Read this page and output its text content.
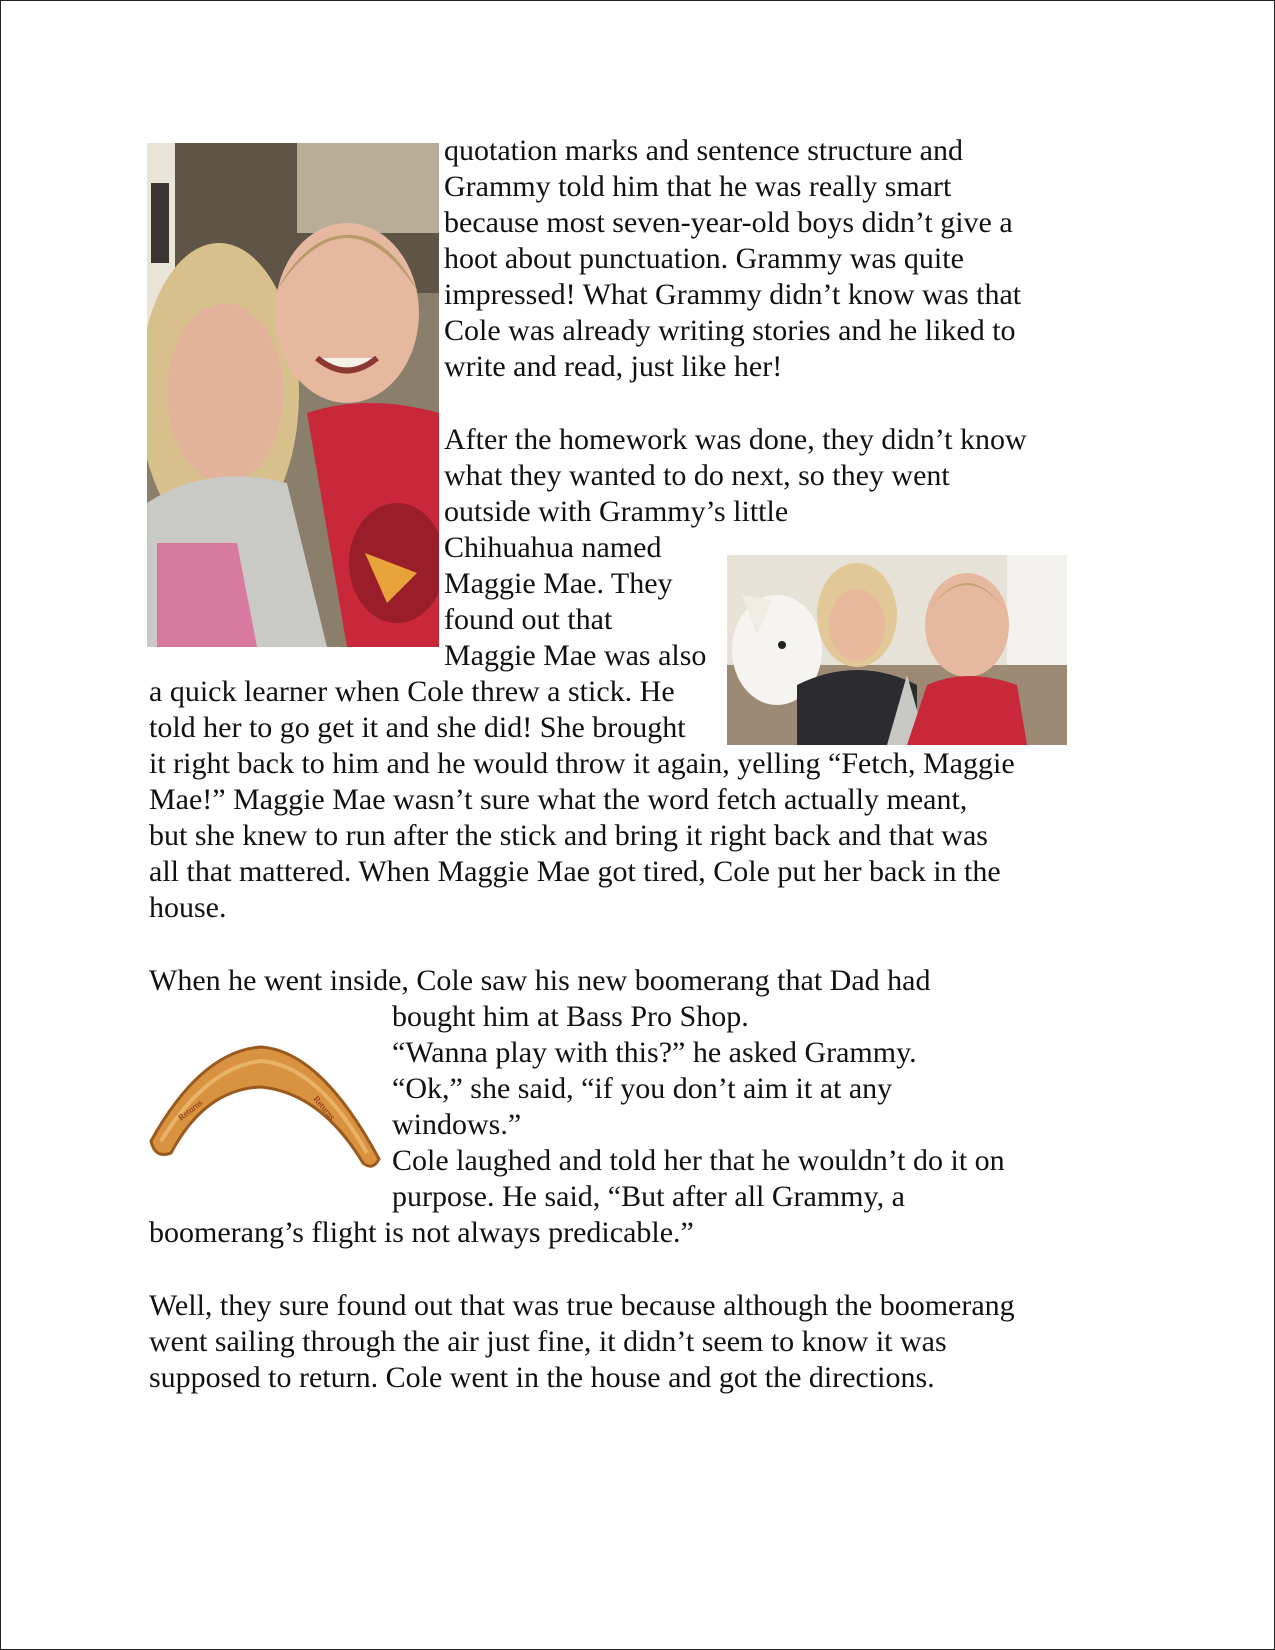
Returns	Returns

quotation marks and sentence structure and

Grammy told him that he was really smart

because most seven-year-old boys didn’t give a

hoot about punctuation. Grammy was quite

impressed! What Grammy didn’t know was that

Cole was already writing stories and he liked to

write and read, just like her!

After the homework was done, they didn’t know

what they wanted to do next, so they went

outside with Grammy’s little

Chihuahua named

Maggie Mae. They

found out that

Maggie Mae was also

a quick learner when Cole threw a stick. He

told her to go get it and she did! She brought

it right back to him and he would throw it again, yelling “Fetch, Maggie

Mae!” Maggie Mae wasn’t sure what the word fetch actually meant,

but she knew to run after the stick and bring it right back and that was

all that mattered. When Maggie Mae got tired, Cole put her back in the

house.

When he went inside, Cole saw his new boomerang that Dad had

bought him at Bass Pro Shop.

“Wanna play with this?” he asked Grammy.

“Ok,” she said, “if you don’t aim it at any

windows.”

Cole laughed and told her that he wouldn’t do it on

purpose. He said, “But after all Grammy, a

boomerang’s flight is not always predicable.”

Well, they sure found out that was true because although the boomerang

went sailing through the air just fine, it didn’t seem to know it was

supposed to return. Cole went in the house and got the directions.
